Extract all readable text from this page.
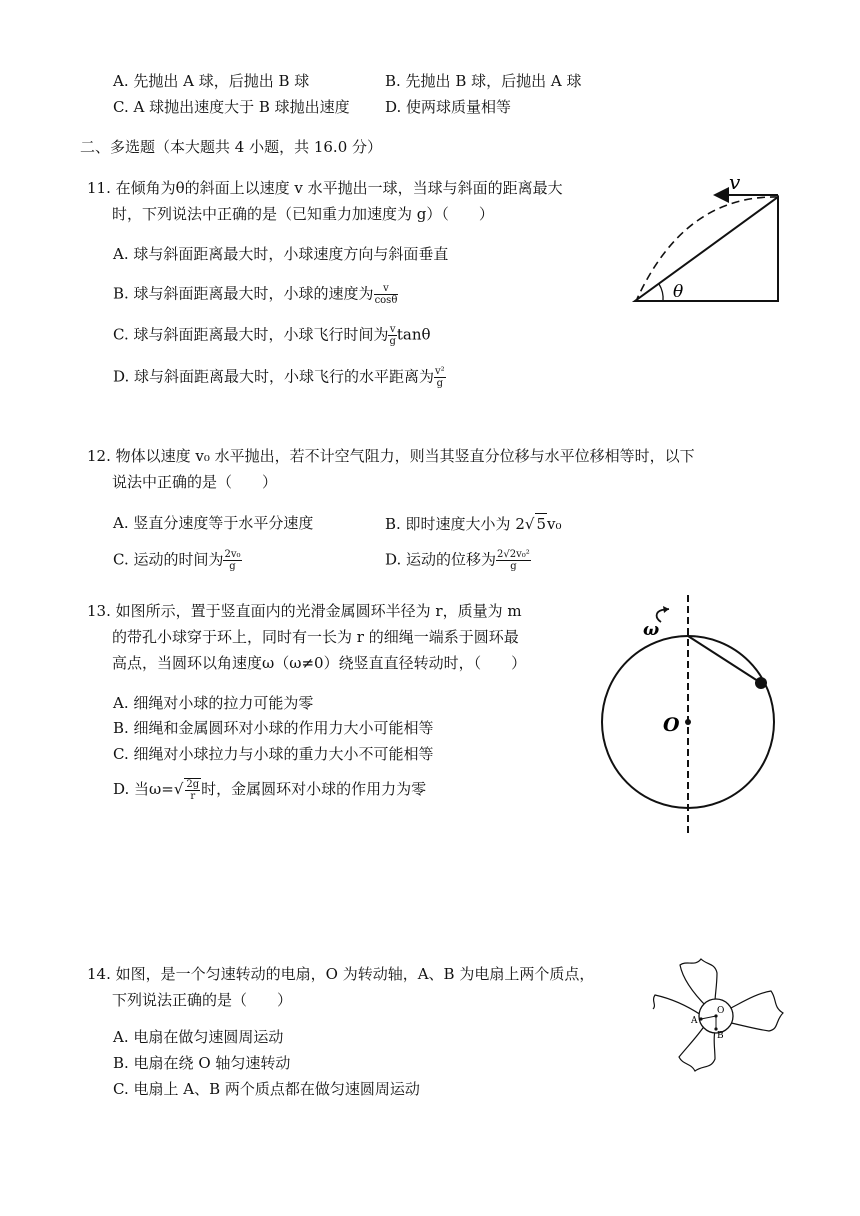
A. 先抛出 A 球，后抛出 B 球	B. 先抛出 B 球，后抛出 A 球
C. A 球抛出速度大于 B 球抛出速度 D. 使两球质量相等
二、多选题（本大题共 4 小题，共 16.0 分）
11. 在倾角为θ的斜面上以速度 v 水平抛出一球，当球与斜面的距离最大
时，下列说法中正确的是（已知重力加速度为 g）（　　）
A. 球与斜面距离最大时，小球速度方向与斜面垂直
B. 球与斜面距离最大时，小球的速度为 $\frac{v}{\cos\theta}$
C. 球与斜面距离最大时，小球飞行时间为 $\frac{v}{g}$ tanθ
D. 球与斜面距离最大时，小球飞行的水平距离为 $\frac{\text{v²}}{g}$
v
θ
12. 物体以速度 v₀ 水平抛出，若不计空气阻力，则当其竖直分位移与水平位移相等时，以下
说法中正确的是（　　）
A. 竖直分速度等于水平分速度	B. 即时速度大小为 2√ 5v₀
C. 运动的时间为 $\frac{\text{2v₀}}{g}$	D. 运动的位移为 $\frac{\text{2√2v₀²}}{g}$
13. 如图所示，置于竖直面内的光滑金属圆环半径为 r，质量为 m
的带孔小球穿于环上，同时有一长为 r 的细绳一端系于圆环最
高点，当圆环以角速度ω（ω≠0）绕竖直直径转动时，（　　）
A. 细绳对小球的拉力可能为零
B. 细绳和金属圆环对小球的作用力大小可能相等
C. 细绳对小球拉力与小球的重力大小不可能相等
D. 当$\omega=√ \frac{2g}{r}$ 时，金属圆环对小球的作用力为零
ω
O
14. 如图，是一个匀速转动的电扇，O 为转动轴，A、B 为电扇上两个质点，
下列说法正确的是（　　）
A. 电扇在做匀速圆周运动
B. 电扇在绕 O 轴匀速转动
C. 电扇上 A、B 两个质点都在做匀速圆周运动
O
A
B
